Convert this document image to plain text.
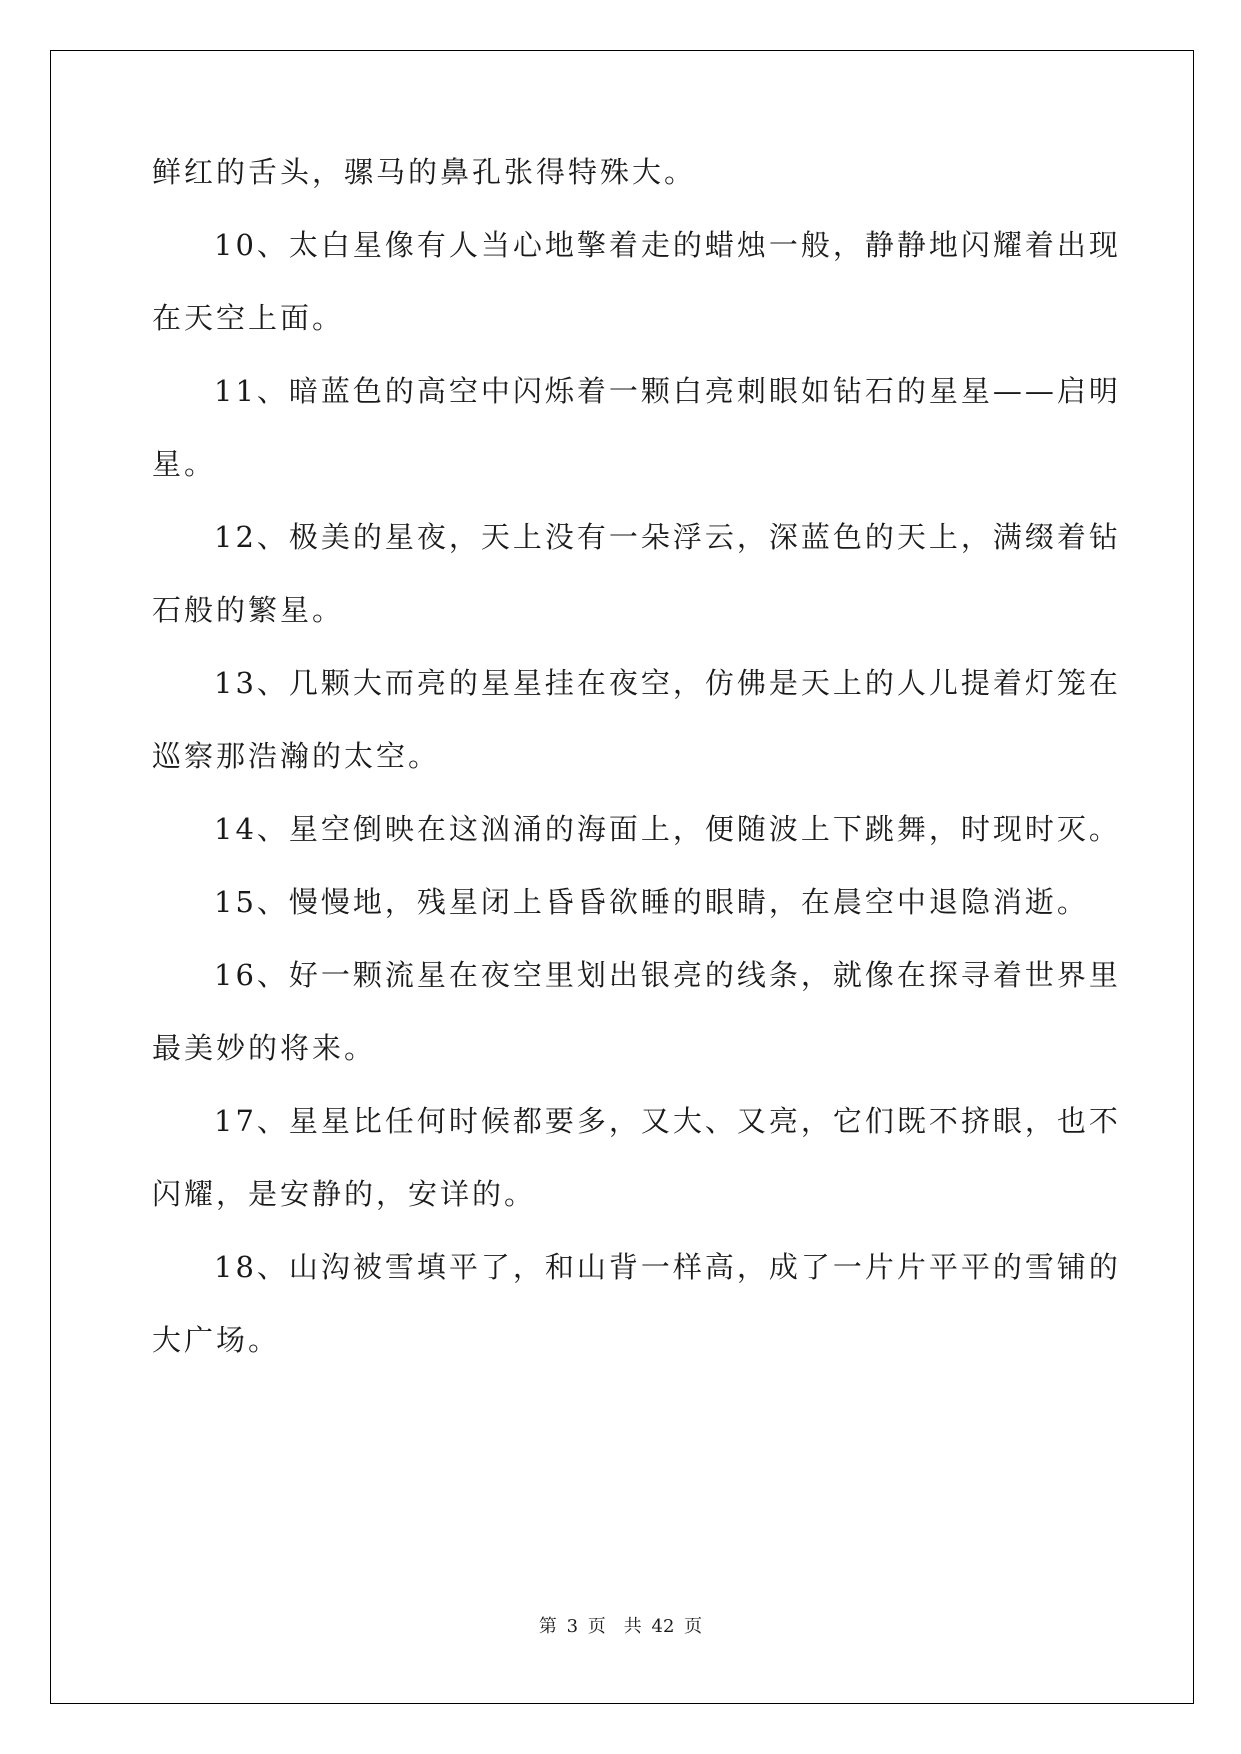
鲜红的舌头，骡马的鼻孔张得特殊大。
10、太白星像有人当心地擎着走的蜡烛一般，静静地闪耀着出现
在天空上面。
11、暗蓝色的高空中闪烁着一颗白亮刺眼如钻石的星星——启明
星。
12、极美的星夜，天上没有一朵浮云，深蓝色的天上，满缀着钻
石般的繁星。
13、几颗大而亮的星星挂在夜空，仿佛是天上的人儿提着灯笼在
巡察那浩瀚的太空。
14、星空倒映在这汹涌的海面上，便随波上下跳舞，时现时灭。
15、慢慢地，残星闭上昏昏欲睡的眼睛，在晨空中退隐消逝。
16、好一颗流星在夜空里划出银亮的线条，就像在探寻着世界里
最美妙的将来。
17、星星比任何时候都要多，又大、又亮，它们既不挤眼，也不
闪耀，是安静的，安详的。
18、山沟被雪填平了，和山背一样高，成了一片片平平的雪铺的
大广场。
第 3 页　共 42 页
